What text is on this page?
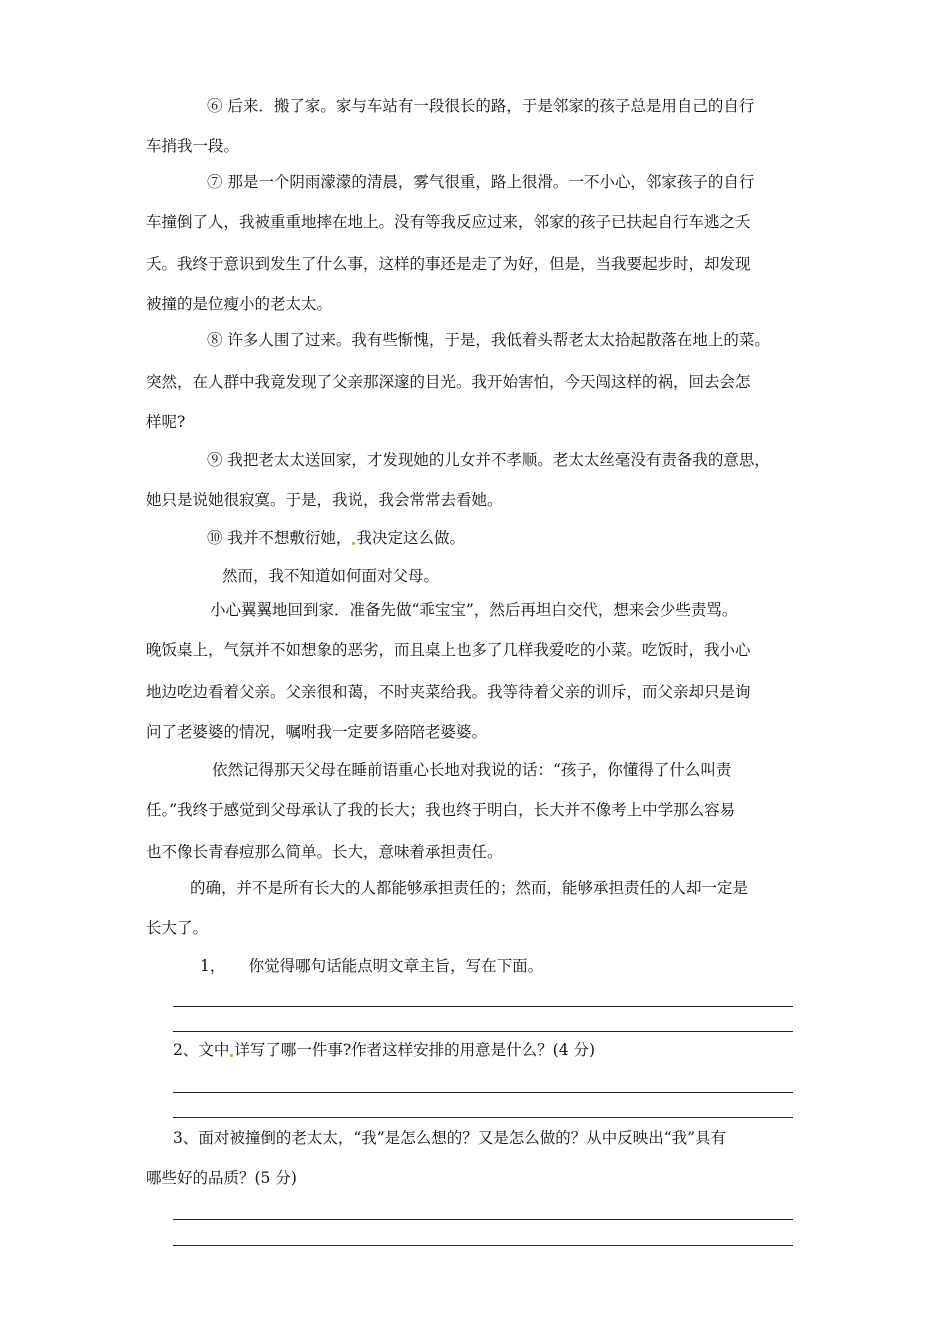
⑥ 后来．搬了家。家与车站有一段很长的路，于是邻家的孩子总是用自己的自行
车捎我一段。
⑦ 那是一个阴雨濛濛的清晨，雾气很重，路上很滑。一不小心，邻家孩子的自行
车撞倒了人，我被重重地摔在地上。没有等我反应过来，邻家的孩子已扶起自行车逃之夭
夭。我终于意识到发生了什么事，这样的事还是走了为好，但是，当我要起步时，却发现
被撞的是位瘦小的老太太。
⑧ 许多人围了过来。我有些惭愧，于是，我低着头帮老太太拾起散落在地上的菜。
突然，在人群中我竟发现了父亲那深邃的目光。我开始害怕，今天闯这样的祸，回去会怎
样呢?
⑨ 我把老太太送回家，才发现她的儿女并不孝顺。老太太丝毫没有责备我的意思，
她只是说她很寂寞。于是，我说，我会常常去看她。
⑩ 我并不想敷衍她， 我决定这么做。
然而，我不知道如何面对父母。
小心翼翼地回到家．准备先做“乖宝宝”，然后再坦白交代，想来会少些责骂。
晚饭桌上，气氛并不如想象的恶劣，而且桌上也多了几样我爱吃的小菜。吃饭时，我小心
地边吃边看着父亲。父亲很和蔼，不时夹菜给我。我等待着父亲的训斥，而父亲却只是询
问了老婆婆的情况，嘱咐我一定要多陪陪老婆婆。
依然记得那天父母在睡前语重心长地对我说的话：“孩子，你懂得了什么叫责
任。”我终于感觉到父母承认了我的长大；我也终于明白，长大并不像考上中学那么容易
也不像长青春痘那么简单。长大，意味着承担责任。
的确，并不是所有长大的人都能够承担责任的；然而，能够承担责任的人却一定是
长大了。
1，　　你觉得哪句话能点明文章主旨，写在下面。
2、文中 详写了哪一件事?作者这样安排的用意是什么？(4 分)
3、面对被撞倒的老太太，“我”是怎么想的？又是怎么做的？从中反映出“我”具有
哪些好的品质？(5 分)
